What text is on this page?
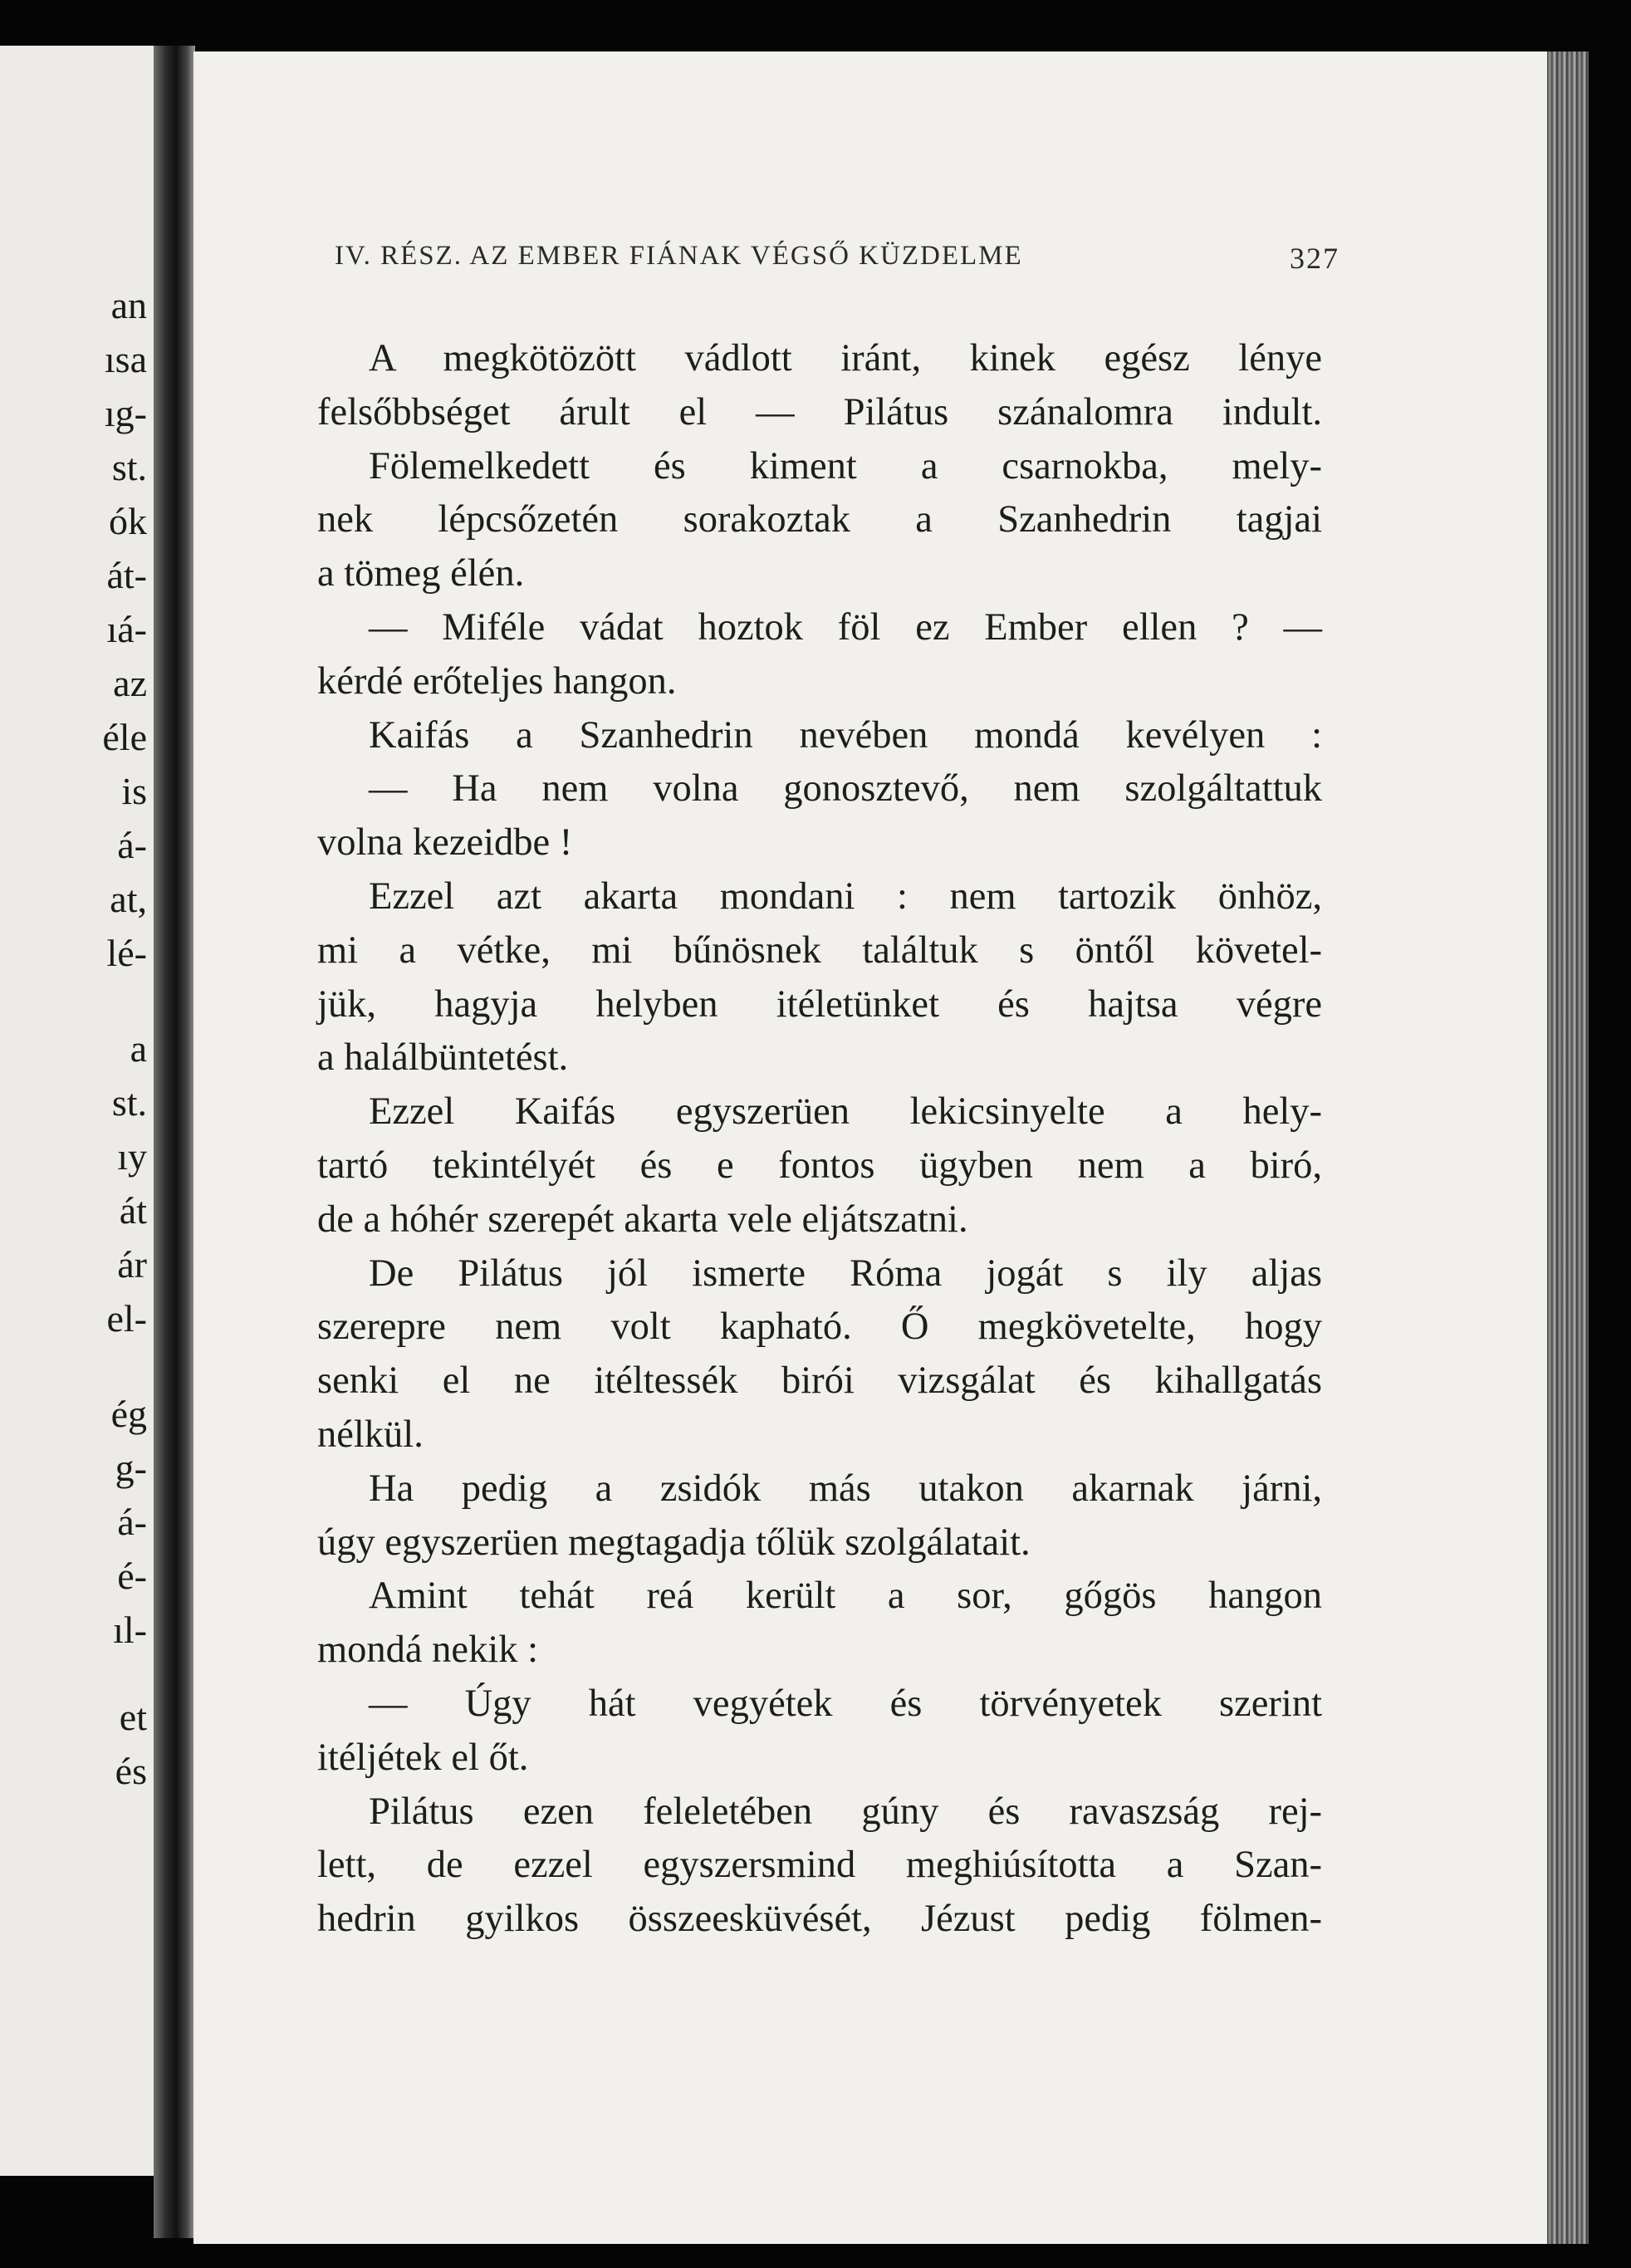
an
ısa
ıg-
st.
ók
át-
ıá-
az
éle
is
á-
at,
lé-
a
st.
ıy
át
ár
el-
ég
g-
á-
é-
ıl-
et
és
IV. RÉSZ. AZ EMBER FIÁNAK VÉGSŐ KÜZDELME	327
A megkötözött vádlott iránt, kinek egész lénye
felsőbbséget árult el — Pilátus szánalomra indult.
Fölemelkedett és kiment a csarnokba, mely-
nek lépcsőzetén sorakoztak a Szanhedrin tagjai
a tömeg élén.
— Miféle vádat hoztok föl ez Ember ellen ? —
kérdé erőteljes hangon.
Kaifás a Szanhedrin nevében mondá kevélyen :
— Ha nem volna gonosztevő, nem szolgáltattuk
volna kezeidbe !
Ezzel azt akarta mondani : nem tartozik önhöz,
mi a vétke, mi bűnösnek találtuk s öntől követel-
jük, hagyja helyben itéletünket és hajtsa végre
a halálbüntetést.
Ezzel Kaifás egyszerüen lekicsinyelte a hely-
tartó tekintélyét és e fontos ügyben nem a biró,
de a hóhér szerepét akarta vele eljátszatni.
De Pilátus jól ismerte Róma jogát s ily aljas
szerepre nem volt kapható. Ő megkövetelte, hogy
senki el ne itéltessék birói vizsgálat és kihallgatás
nélkül.
Ha pedig a zsidók más utakon akarnak járni,
úgy egyszerüen megtagadja tőlük szolgálatait.
Amint tehát reá került a sor, gőgös hangon
mondá nekik :
— Úgy hát vegyétek és törvényetek szerint
itéljétek el őt.
Pilátus ezen feleletében gúny és ravaszság rej-
lett, de ezzel egyszersmind meghiúsította a Szan-
hedrin gyilkos összeesküvését, Jézust pedig fölmen-
